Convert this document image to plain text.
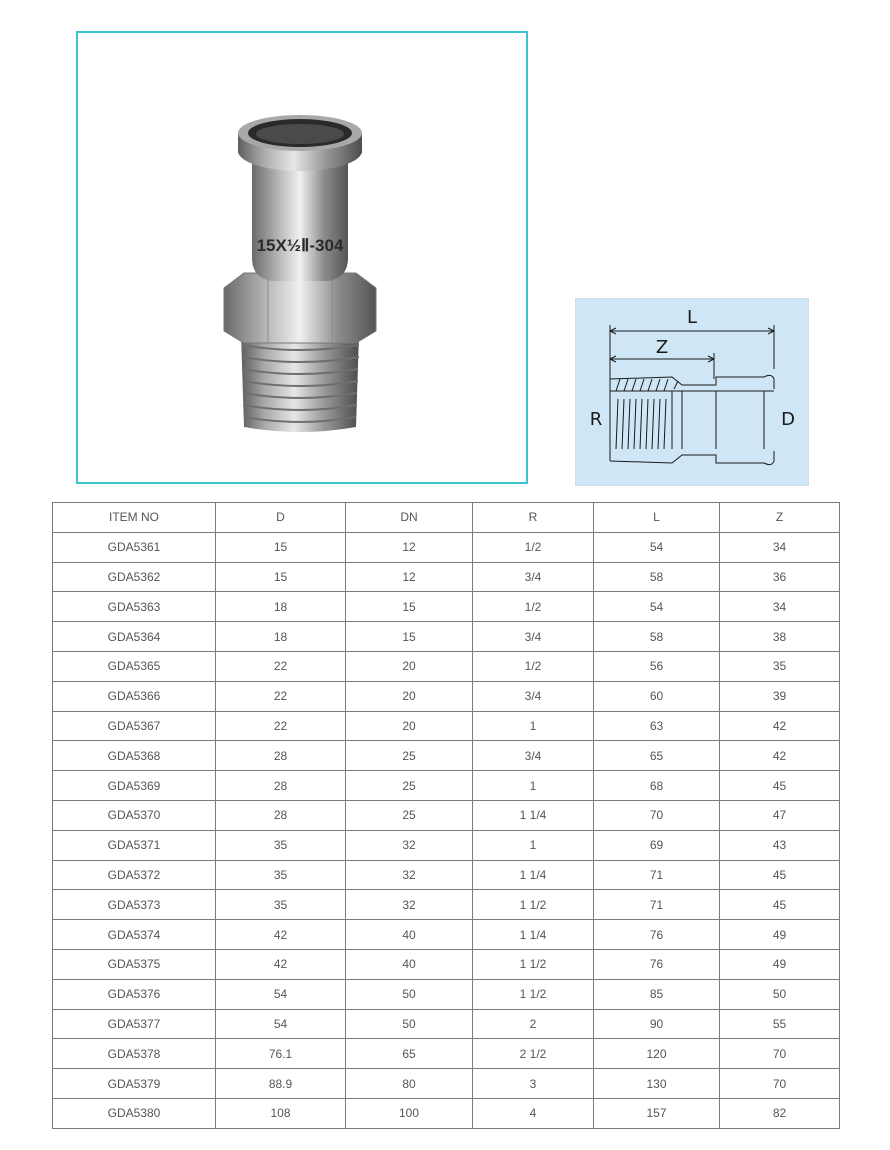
15X½Ⅱ-304
L
Z
R	D
ITEM NO	D	DN	R	L	Z
GDA5361	15	12	1/2	54	34
GDA5362	15	12	3/4	58	36
GDA5363	18	15	1/2	54	34
GDA5364	18	15	3/4	58	38
GDA5365	22	20	1/2	56	35
GDA5366	22	20	3/4	60	39
GDA5367	22	20	1	63	42
GDA5368	28	25	3/4	65	42
GDA5369	28	25	1	68	45
GDA5370	28	25	1 1/4	70	47
GDA5371	35	32	1	69	43
GDA5372	35	32	1 1/4	71	45
GDA5373	35	32	1 1/2	71	45
GDA5374	42	40	1 1/4	76	49
GDA5375	42	40	1 1/2	76	49
GDA5376	54	50	1 1/2	85	50
GDA5377	54	50	2	90	55
GDA5378	76.1	65	2 1/2	120	70
GDA5379	88.9	80	3	130	70
GDA5380	108	100	4	157	82
